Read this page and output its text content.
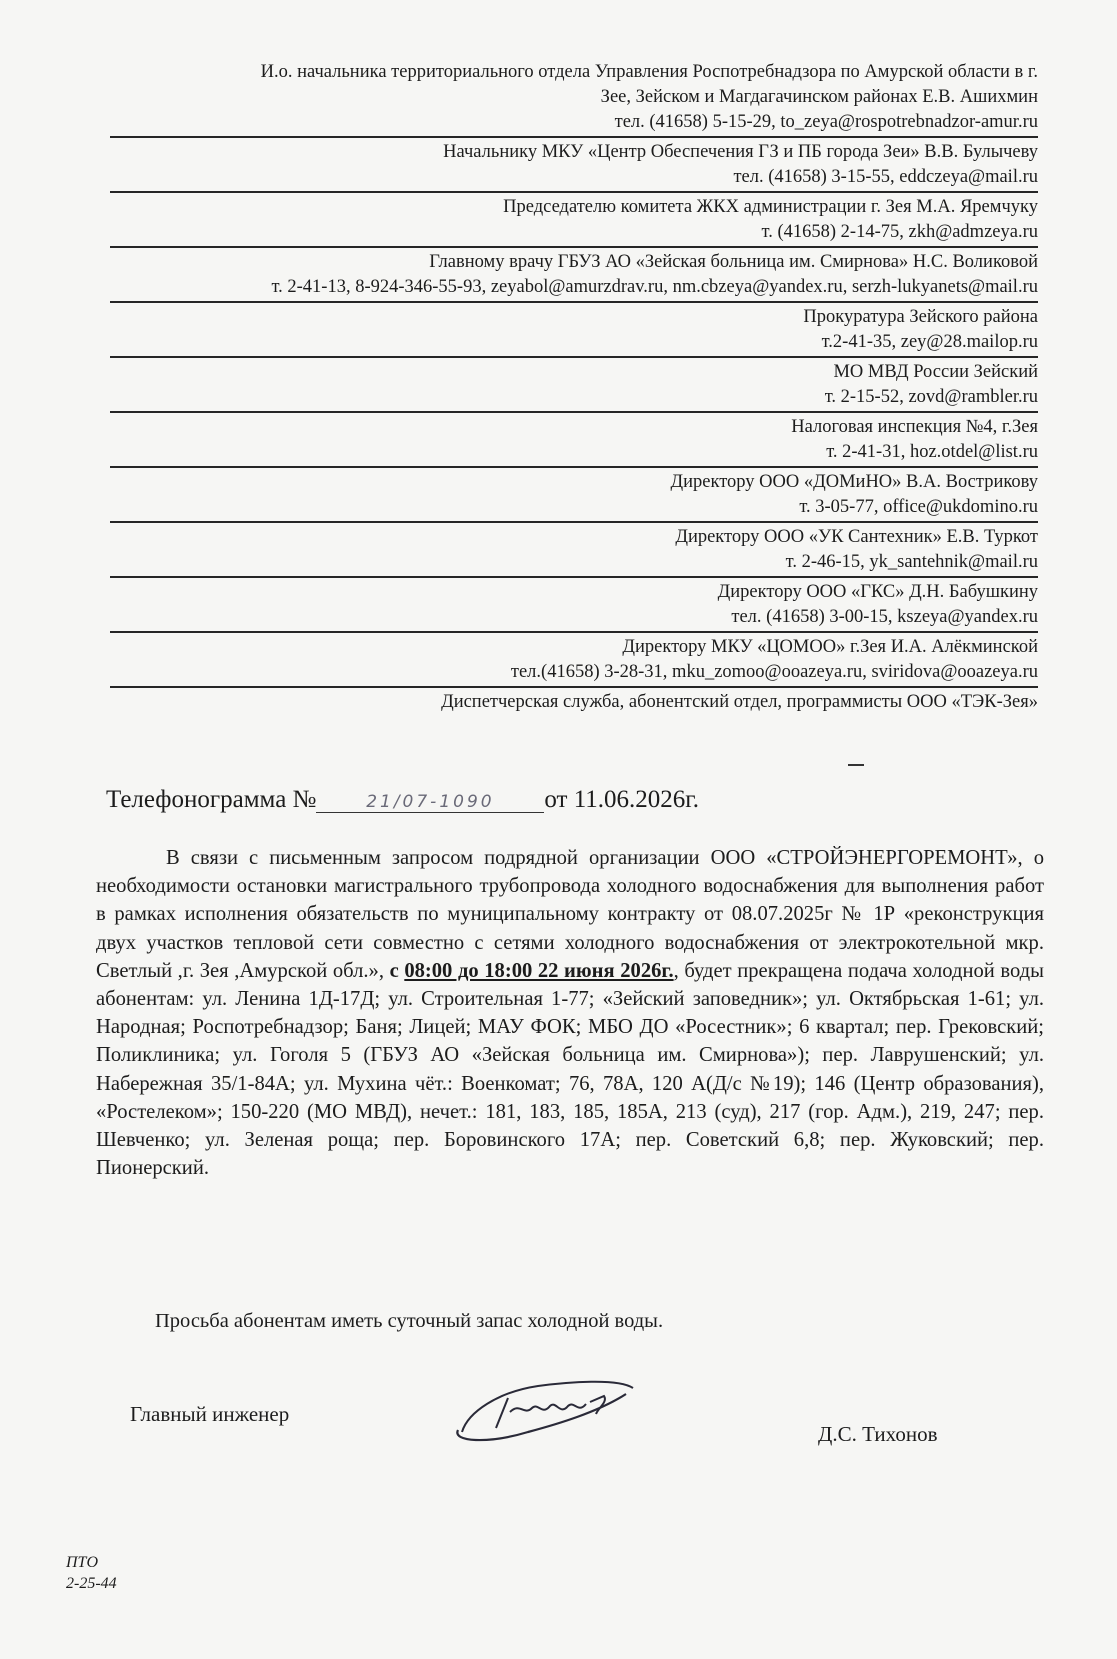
И.о. начальника территориального отдела Управления Роспотребнадзора по Амурской области в г.
Зее, Зейском и Магдагачинском районах Е.В. Ашихмин
тел. (41658) 5-15-29, to_zeya@rospotrebnadzor-amur.ru
Начальнику МКУ «Центр Обеспечения ГЗ и ПБ города Зеи» В.В. Булычеву
тел. (41658) 3-15-55, eddczeya@mail.ru
Председателю комитета ЖКХ администрации г. Зея М.А. Яремчуку
т. (41658) 2-14-75, zkh@admzeya.ru
Главному врачу ГБУЗ АО «Зейская больница им. Смирнова» Н.С. Воликовой
т. 2-41-13, 8-924-346-55-93, zeyabol@amurzdrav.ru, nm.cbzeya@yandex.ru, serzh-lukyanets@mail.ru
Прокуратура Зейского района
т.2-41-35, zey@28.mailop.ru
МО МВД России Зейский
т. 2-15-52, zovd@rambler.ru
Налоговая инспекция №4, г.Зея
т. 2-41-31, hoz.otdel@list.ru
Директору ООО «ДОМиНО» В.А. Вострикову
т. 3-05-77, office@ukdomino.ru
Директору ООО «УК Сантехник» Е.В. Туркот
т. 2-46-15, yk_santehnik@mail.ru
Директору ООО «ГКС» Д.Н. Бабушкину
тел. (41658) 3-00-15, kszeya@yandex.ru
Директору МКУ «ЦОМОО» г.Зея И.А. Алёкминской
тел.(41658) 3-28-31, mku_zomoo@ooazeya.ru, sviridova@ooazeya.ru
Диспетчерская служба, абонентский отдел, программисты ООО «ТЭК-Зея»
Телефонограмма №	21/07-1090 от 11.06.2026г.

В связи с письменным запросом подрядной организации ООО «СТРОЙЭНЕРГОРЕМОНТ», о необходимости остановки магистрального трубопровода холодного водоснабжения для выполнения работ в рамках исполнения обязательств по муниципальному контракту от 08.07.2025г № 1Р «реконструкция двух участков тепловой сети совместно с сетями холодного водоснабжения от электрокотельной мкр. Светлый ,г. Зея ,Амурской обл.», с 08:00 до 18:00 22 июня 2026г., будет прекращена подача холодной воды абонентам: ул. Ленина 1Д-17Д; ул. Строительная 1-77; «Зейский заповедник»; ул. Октябрьская 1-61; ул. Народная; Роспотребнадзор; Баня; Лицей; МАУ ФОК; МБО ДО «Росестник»; 6 квартал; пер. Грековский; Поликлиника; ул. Гоголя 5 (ГБУЗ АО «Зейская больница им. Смирнова»); пер. Лаврушенский; ул. Набережная 35/1-84А; ул. Мухина чёт.: Военкомат; 76, 78А, 120 А(Д/с №19); 146 (Центр образования), «Ростелеком»; 150-220 (МО МВД), нечет.: 181, 183, 185, 185А, 213 (суд), 217 (гор. Адм.), 219, 247; пер. Шевченко; ул. Зеленая роща; пер. Боровинского 17А; пер. Советский 6,8; пер. Жуковский; пер. Пионерский.

Просьба абонентам иметь суточный запас холодной воды.
Главный инженер
Д.С. Тихонов
ПТО
2-25-44
